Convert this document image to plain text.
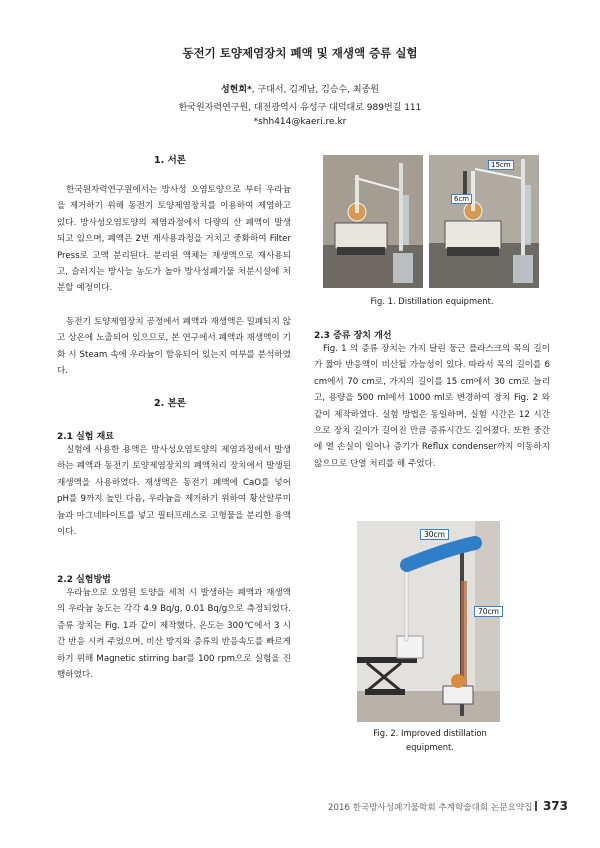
동전기 토양제염장치 폐액 및 재생액 증류 실험
성현희*, 구대서, 김계남, 김승수, 최종원
한국원자력연구원, 대전광역시 유성구 대덕대로 989번길 111
*shh414@kaeri.re.kr
1. 서론
한국원자력연구원에서는 방사성 오염토양으로 부터 우라늄을 제거하기 위해 동전기 토양제염장치를 이용하여 제염하고 있다. 방사성오염토양의 제염과정에서 다량의 산 폐액이 발생되고 있으며, 폐액은 2번 재사용과정을 거치고 중화하여 Filter Press로 고액 분리된다. 분리된 액체는 재생액으로 재사용되고, 슬러지는 방사능 농도가 높아 방사성폐기물 처분시설에 처분할 예정이다.
동전기 토양제염장치 공정에서 폐액과 재생액은 밀폐되지 않고 상온에 노출되어 있으므로, 본 연구에서 폐액과 재생액이 기화 시 Steam 속에 우라늄이 함유되어 있는지 여부를 분석하였다.
2. 본론
2.1 실험 재료
실험에 사용한 용액은 방사성오염토양의 제염과정에서 발생하는 폐액과 동전기 토양제염장치의 폐액처리 장치에서 발생된 재생액을 사용하였다. 재생액은 동전기 폐액에 CaO를 넣어 pH를 9까지 높인 다음, 우라늄을 제거하기 위하여 황산알루미늄과 마그네타이트를 넣고 필터프레스로 고형물을 분리한 용액이다.
2.2 실험방법
우라늄으로 오염된 토양을 세척 시 발생하는 폐액과 재생액의 우라늄 농도는 각각 4.9 Bq/g, 0.01 Bq/g으로 측정되었다. 증류 장치는 Fig. 1과 같이 제작했다. 온도는 300℃에서 3 시간 반응 시켜 주었으며, 비산 방지와 증류의 반응속도를 빠르게 하기 위해 Magnetic stirring bar를 100 rpm으로 실험을 진행하였다.
15cm
6cm
Fig. 1. Distillation equipment.
2.3 증류 장치 개선
Fig. 1 의 증류 장치는 가지 달린 둥근 플라스크의 목의 길이가 짧아 반응액이 비산될 가능성이 있다. 따라서 목의 길이를 6 cm에서 70 cm로, 가지의 길이를 15 cm에서 30 cm로 늘리고, 용량을 500 ml에서 1000 ml로 변경하여 장치 Fig. 2 와 같이 제작하였다. 실험 방법은 동일하며, 실험 시간은 12 시간으로 장치 길이가 길어진 만큼 증류시간도 길어졌다. 또한 중간에 열 손실이 일어나 증기가 Reflux condenser까지 이동하지 않으므로 단열 처리를 해 주었다.
30cm
70cm
Fig. 2. Improved distillation
equipment.
2016 한국방사성폐기물학회 추계학술대회 논문요약집 373
